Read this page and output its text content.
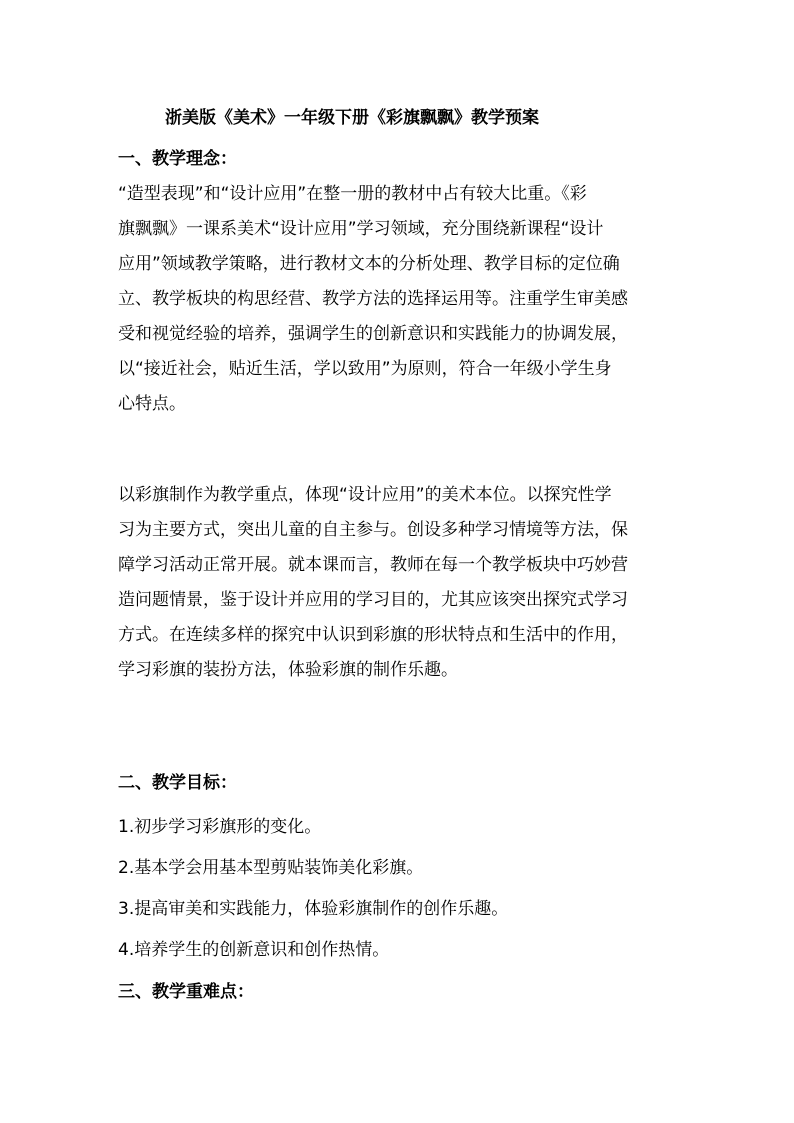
浙美版《美术》一年级下册《彩旗飘飘》教学预案
一、教学理念：
“造型表现”和“设计应用”在整一册的教材中占有较大比重。《彩
旗飘飘》一课系美术“设计应用”学习领域，充分围绕新课程“设计
应用”领域教学策略，进行教材文本的分析处理、教学目标的定位确
立、教学板块的构思经营、教学方法的选择运用等。注重学生审美感
受和视觉经验的培养，强调学生的创新意识和实践能力的协调发展，
以“接近社会，贴近生活，学以致用”为原则，符合一年级小学生身
心特点。
以彩旗制作为教学重点，体现“设计应用”的美术本位。以探究性学
习为主要方式，突出儿童的自主参与。创设多种学习情境等方法，保
障学习活动正常开展。就本课而言，教师在每一个教学板块中巧妙营
造问题情景，鉴于设计并应用的学习目的，尤其应该突出探究式学习
方式。在连续多样的探究中认识到彩旗的形状特点和生活中的作用，
学习彩旗的装扮方法，体验彩旗的制作乐趣。
二、教学目标：
1.初步学习彩旗形的变化。
2.基本学会用基本型剪贴装饰美化彩旗。
3.提高审美和实践能力，体验彩旗制作的创作乐趣。
4.培养学生的创新意识和创作热情。
三、教学重难点：
